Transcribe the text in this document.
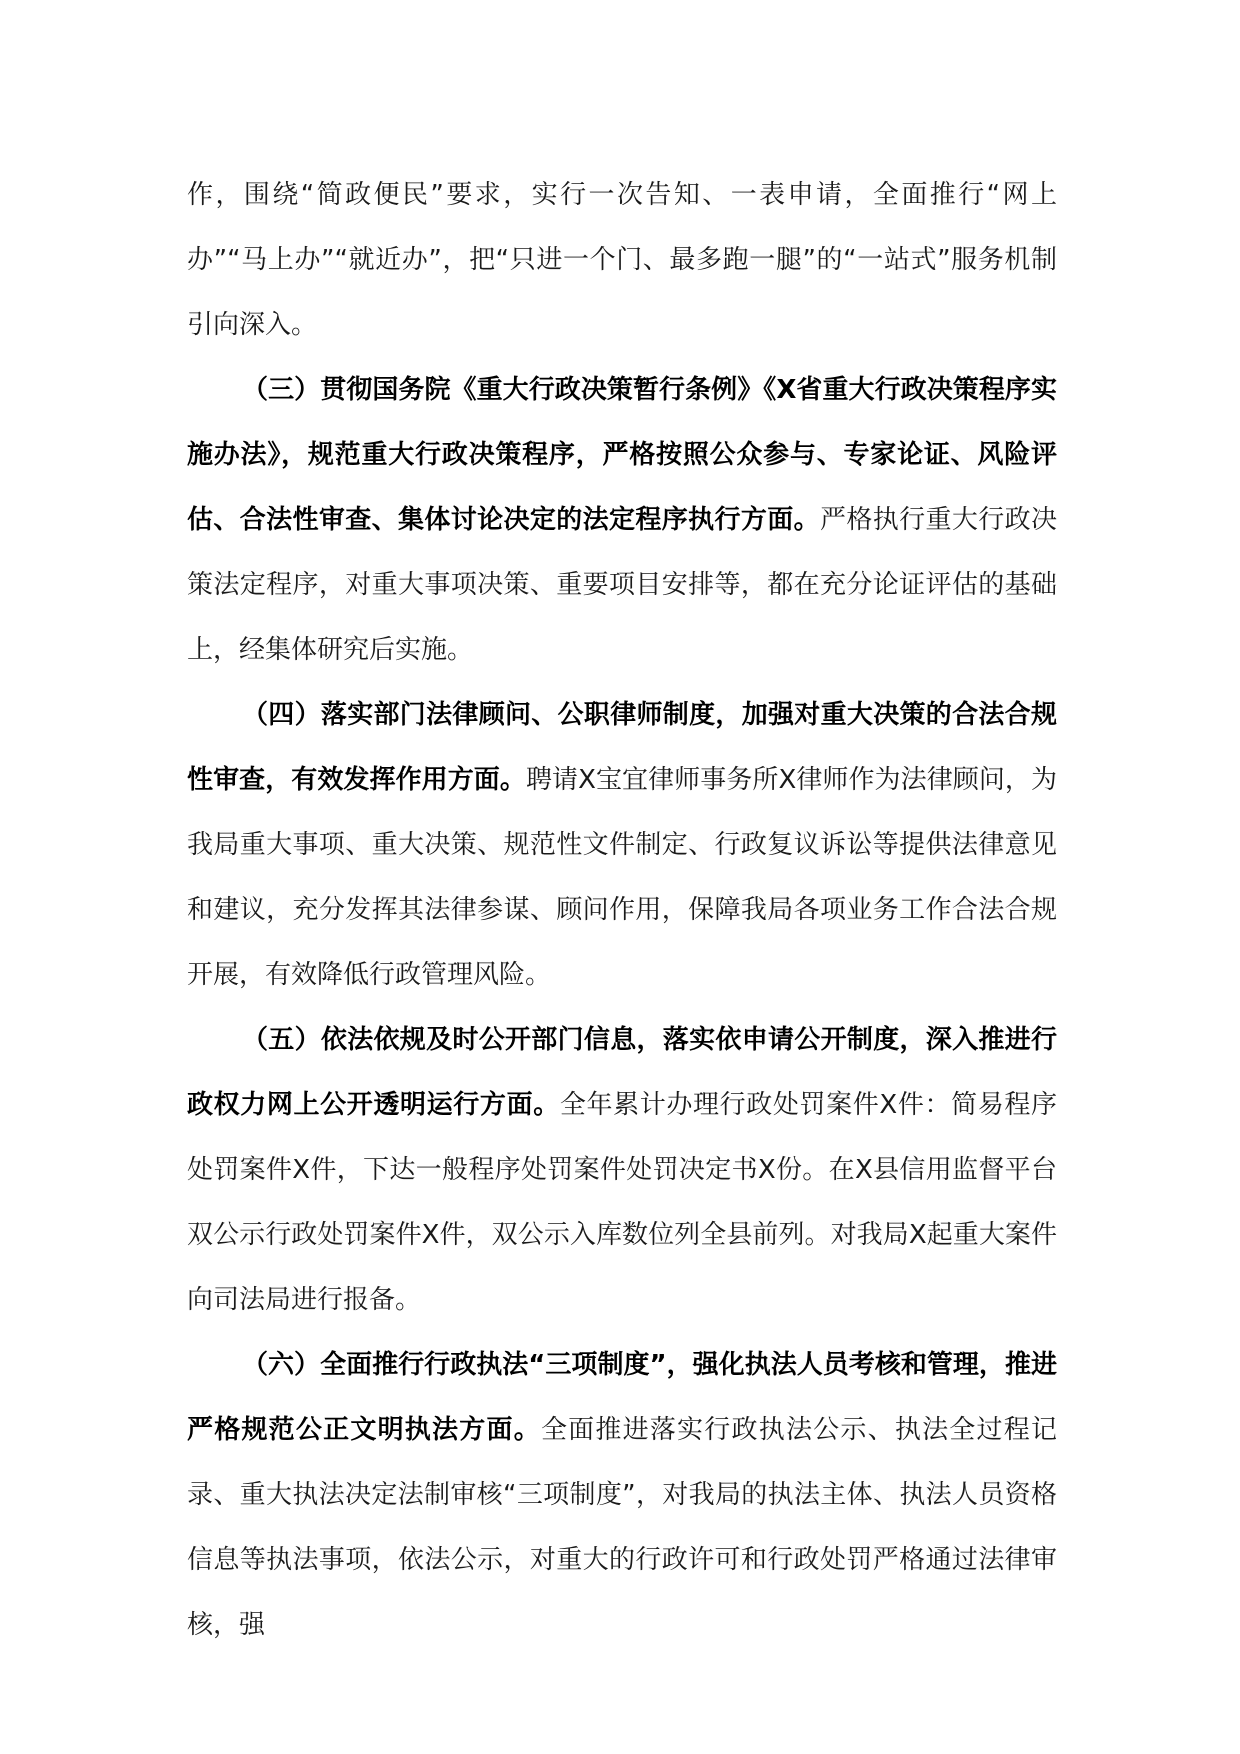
作，围绕“简政便民”要求，实行一次告知、一表申请，全面推行“网上办”“马上办”“就近办”，把“只进一个门、最多跑一腿”的“一站式”服务机制引向深入。

（三）贯彻国务院《重大行政决策暂行条例》《X省重大行政决策程序实施办法》，规范重大行政决策程序，严格按照公众参与、专家论证、风险评估、合法性审查、集体讨论决定的法定程序执行方面。严格执行重大行政决策法定程序，对重大事项决策、重要项目安排等，都在充分论证评估的基础上，经集体研究后实施。

（四）落实部门法律顾问、公职律师制度，加强对重大决策的合法合规性审查，有效发挥作用方面。聘请X宝宜律师事务所X律师作为法律顾问，为我局重大事项、重大决策、规范性文件制定、行政复议诉讼等提供法律意见和建议，充分发挥其法律参谋、顾问作用，保障我局各项业务工作合法合规开展，有效降低行政管理风险。

（五）依法依规及时公开部门信息，落实依申请公开制度，深入推进行政权力网上公开透明运行方面。全年累计办理行政处罚案件X件：简易程序处罚案件X件，下达一般程序处罚案件处罚决定书X份。在X县信用监督平台双公示行政处罚案件X件，双公示入库数位列全县前列。对我局X起重大案件向司法局进行报备。

（六）全面推行行政执法“三项制度”，强化执法人员考核和管理，推进严格规范公正文明执法方面。全面推进落实行政执法公示、执法全过程记录、重大执法决定法制审核“三项制度”，对我局的执法主体、执法人员资格信息等执法事项，依法公示，对重大的行政许可和行政处罚严格通过法律审核，强
